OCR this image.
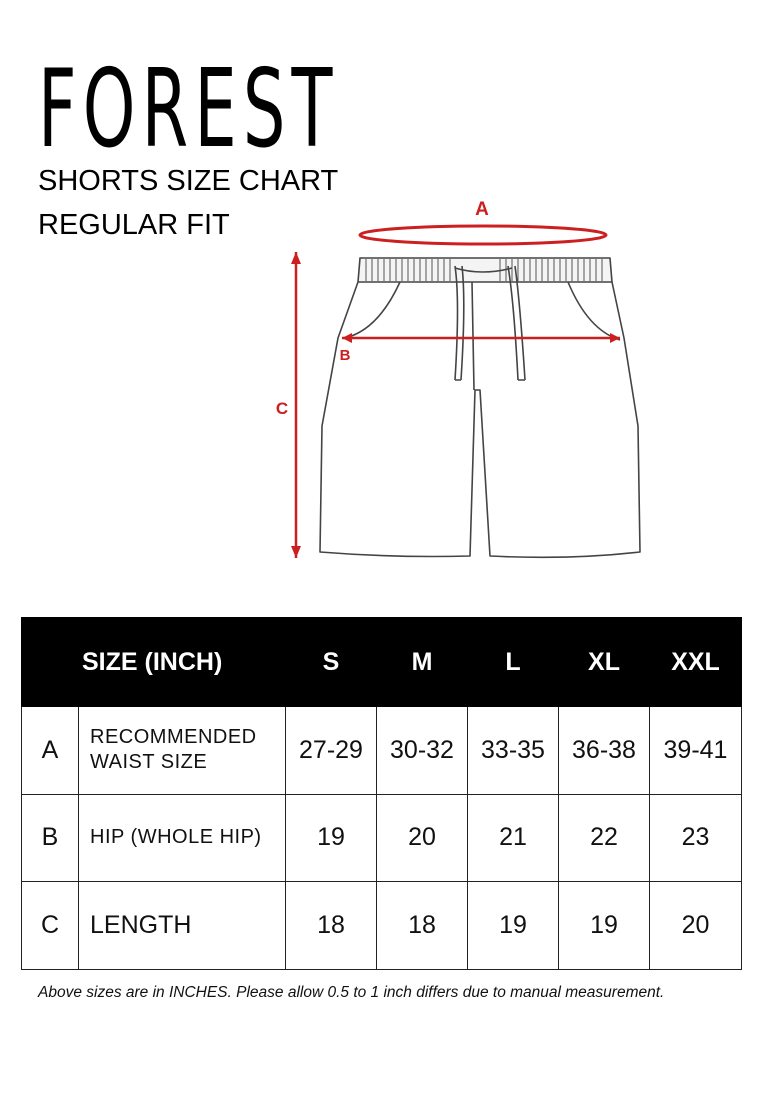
FOREST
SHORTS SIZE CHART
REGULAR FIT	A
B
C
SIZE (INCH)		S	M	L	XL	XXL
A	RECOMMENDED
WAIST SIZE	27-29	30-32	33-35	36-38	39-41
B	HIP (WHOLE HIP)	19	20	21	22	23
C	LENGTH	18	18	19	19	20
Above sizes are in INCHES. Please allow 0.5 to 1 inch differs due to manual measurement.
